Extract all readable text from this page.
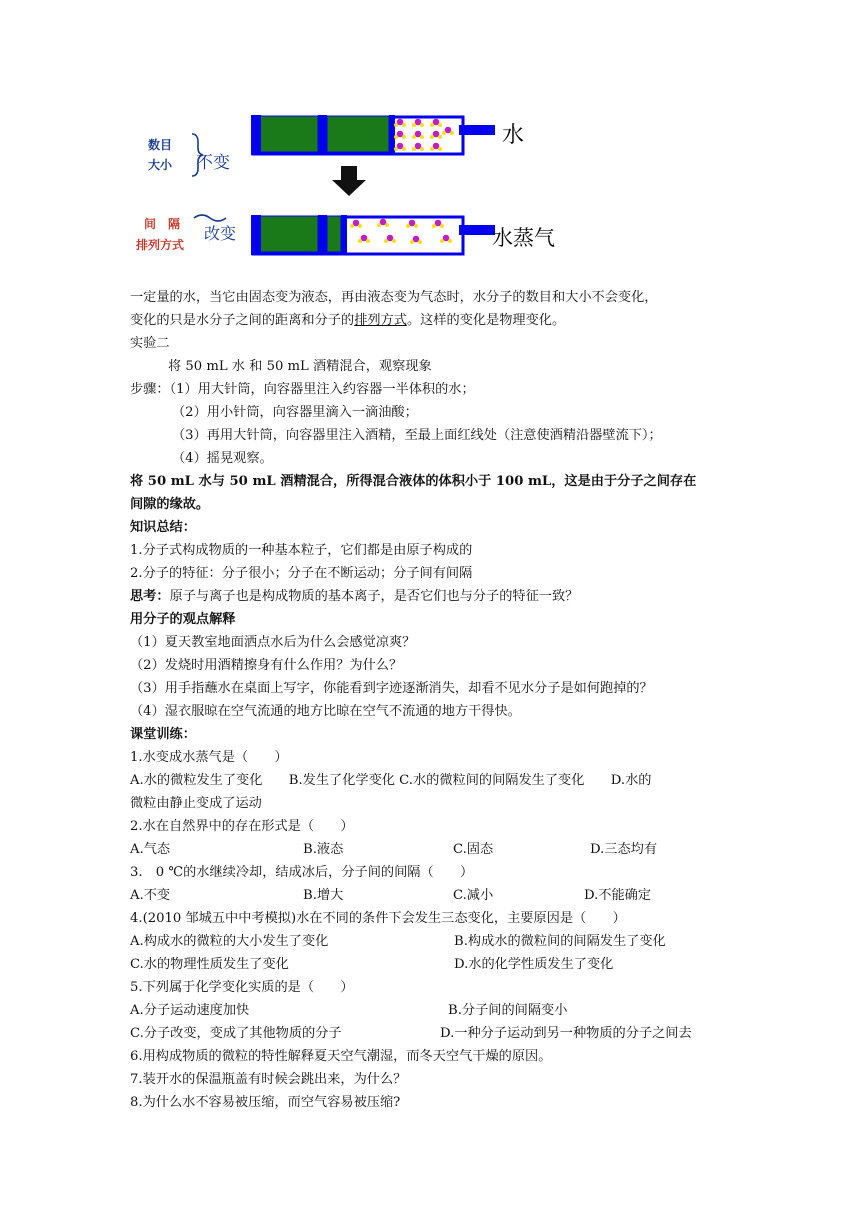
水
水蒸气
数目
大小 不变
间　隔
排列方式
改变
一定量的水，当它由固态变为液态，再由液态变为气态时，水分子的数目和大小不会变化，
变化的只是水分子之间的距离和分子的排列方式。这样的变化是物理变化。
实验二
将 50 mL 水 和 50 mL 酒精混合，观察现象
步骤：（1）用大针筒，向容器里注入约容器一半体积的水；
（2）用小针筒，向容器里滴入一滴油酸；
（3）再用大针筒，向容器里注入酒精，至最上面红线处（注意使酒精沿器壁流下）；
（4）摇晃观察。
将 50 mL 水与 50 mL 酒精混合，所得混合液体的体积小于 100 mL，这是由于分子之间存在
间隙的缘故。
知识总结：
1.分子式构成物质的一种基本粒子，它们都是由原子构成的
2.分子的特征：分子很小；分子在不断运动；分子间有间隔
思考：原子与离子也是构成物质的基本离子，是否它们也与分子的特征一致？
用分子的观点解释
（1）夏天教室地面洒点水后为什么会感觉凉爽？
（2）发烧时用酒精擦身有什么作用？为什么？
（3）用手指蘸水在桌面上写字，你能看到字迹逐渐消失，却看不见水分子是如何跑掉的？
（4）湿衣服晾在空气流通的地方比晾在空气不流通的地方干得快。
课堂训练：
1.水变成水蒸气是（　　）
A.水的微粒发生了变化　　B.发生了化学变化 C.水的微粒间的间隔发生了变化　　D.水的
微粒由静止变成了运动
2.水在自然界中的存在形式是（　　）
A.气态	B.液态	C.固态	D.三态均有
3.　0 ℃的水继续冷却，结成冰后，分子间的间隔（　　）
A.不变	B.增大	C.减小	D.不能确定
4.(2010 邹城五中中考模拟)水在不同的条件下会发生三态变化，主要原因是（　　）
A.构成水的微粒的大小发生了变化	B.构成水的微粒间的间隔发生了变化
C.水的物理性质发生了变化	D.水的化学性质发生了变化
5.下列属于化学变化实质的是（　　）
A.分子运动速度加快	B.分子间的间隔变小
C.分子改变，变成了其他物质的分子	D.一种分子运动到另一种物质的分子之间去
6.用构成物质的微粒的特性解释夏天空气潮湿，而冬天空气干燥的原因。
7.装开水的保温瓶盖有时候会跳出来，为什么？
8.为什么水不容易被压缩，而空气容易被压缩?
